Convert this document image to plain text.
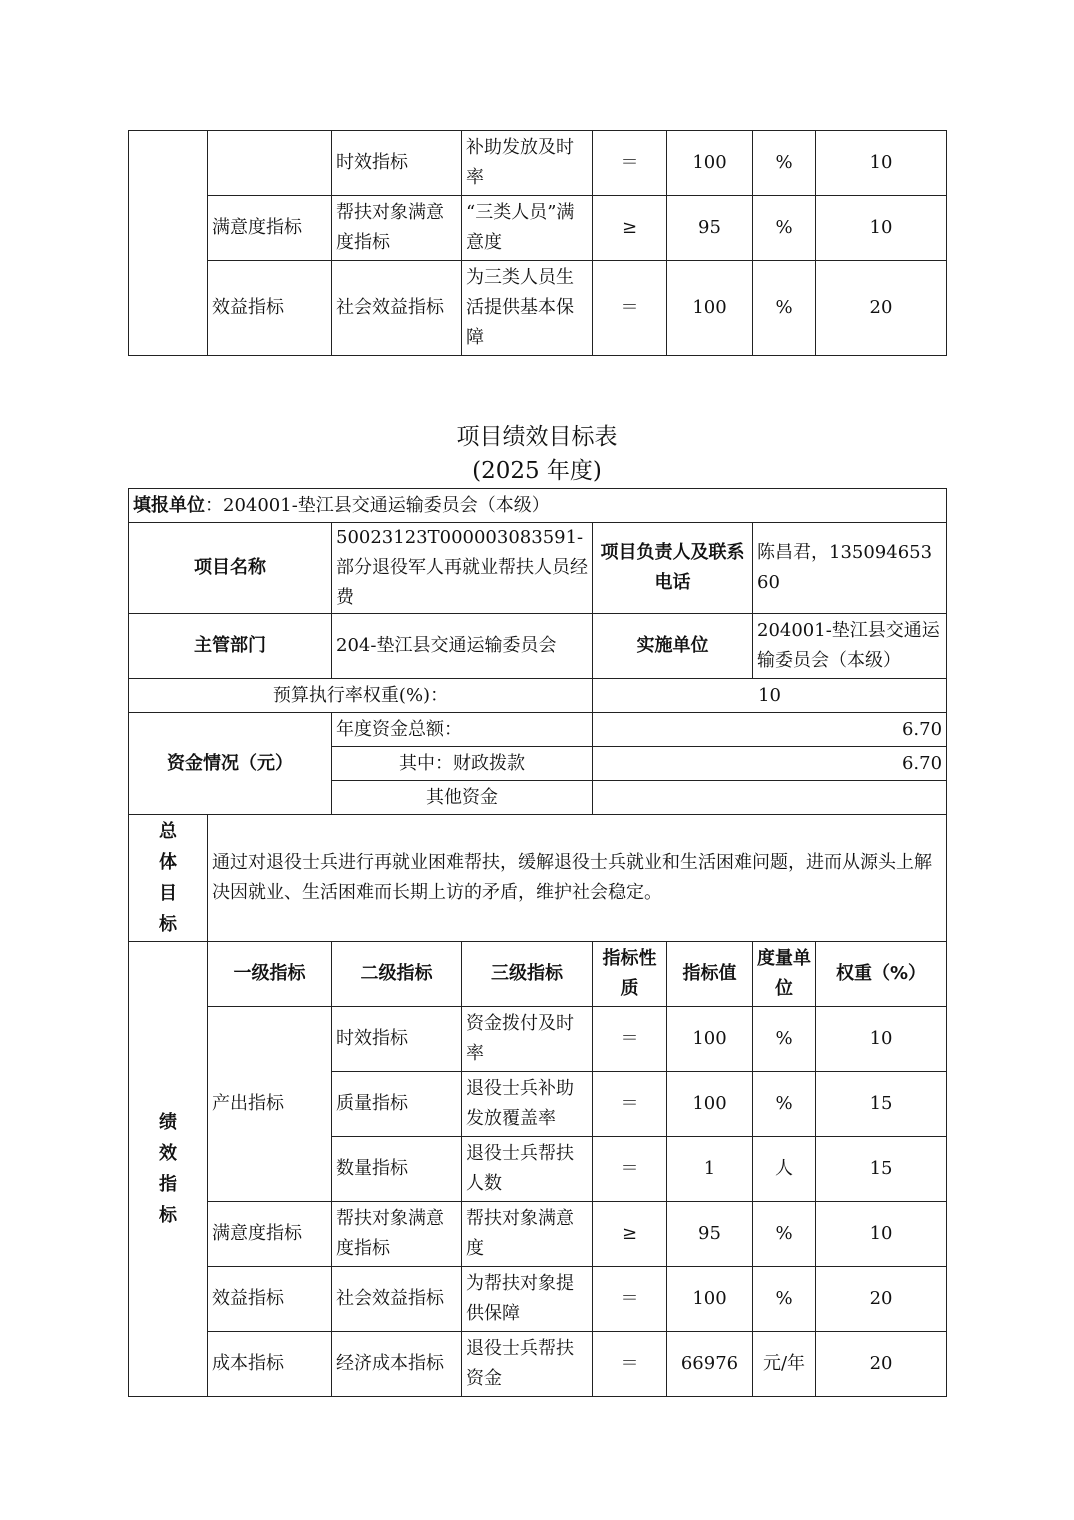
		时效指标	补助发放及时率	＝	100	%	10
	满意度指标	帮扶对象满意度指标	“三类人员”满意度	≥	95	%	10
	效益指标	社会效益指标	为三类人员生活提供基本保障	＝	100	%	20
项目绩效目标表
(2025 年度)
填报单位：204001-垫江县交通运输委员会（本级）							
项目名称		50023123T000003083591-部分退役军人再就业帮扶人员经费		项目负责人及联系电话		陈昌君，13509465360	
主管部门		204-垫江县交通运输委员会		实施单位		204001-垫江县交通运输委员会（本级）	
预算执行率权重(%)：				10			
资金情况（元）		年度资金总额：		6.70			
		其中：财政拨款		6.70			
		其他资金					

总
体
目
标	通过对退役士兵进行再就业困难帮扶，缓解退役士兵就业和生活困难问题，进而从源头上解决因就业、生活困难而长期上访的矛盾，维护社会稳定。						

绩
效
指
标	一级指标	二级指标	三级指标	指标性质	指标值	度量单位	权重（%）
	产出指标	时效指标	资金拨付及时率	＝	100	%	10
		质量指标	退役士兵补助发放覆盖率	＝	100	%	15
		数量指标	退役士兵帮扶人数	＝	1	人	15
	满意度指标	帮扶对象满意度指标	帮扶对象满意度	≥	95	%	10
	效益指标	社会效益指标	为帮扶对象提供保障	＝	100	%	20
	成本指标	经济成本指标	退役士兵帮扶资金	＝	66976	元/年	20
